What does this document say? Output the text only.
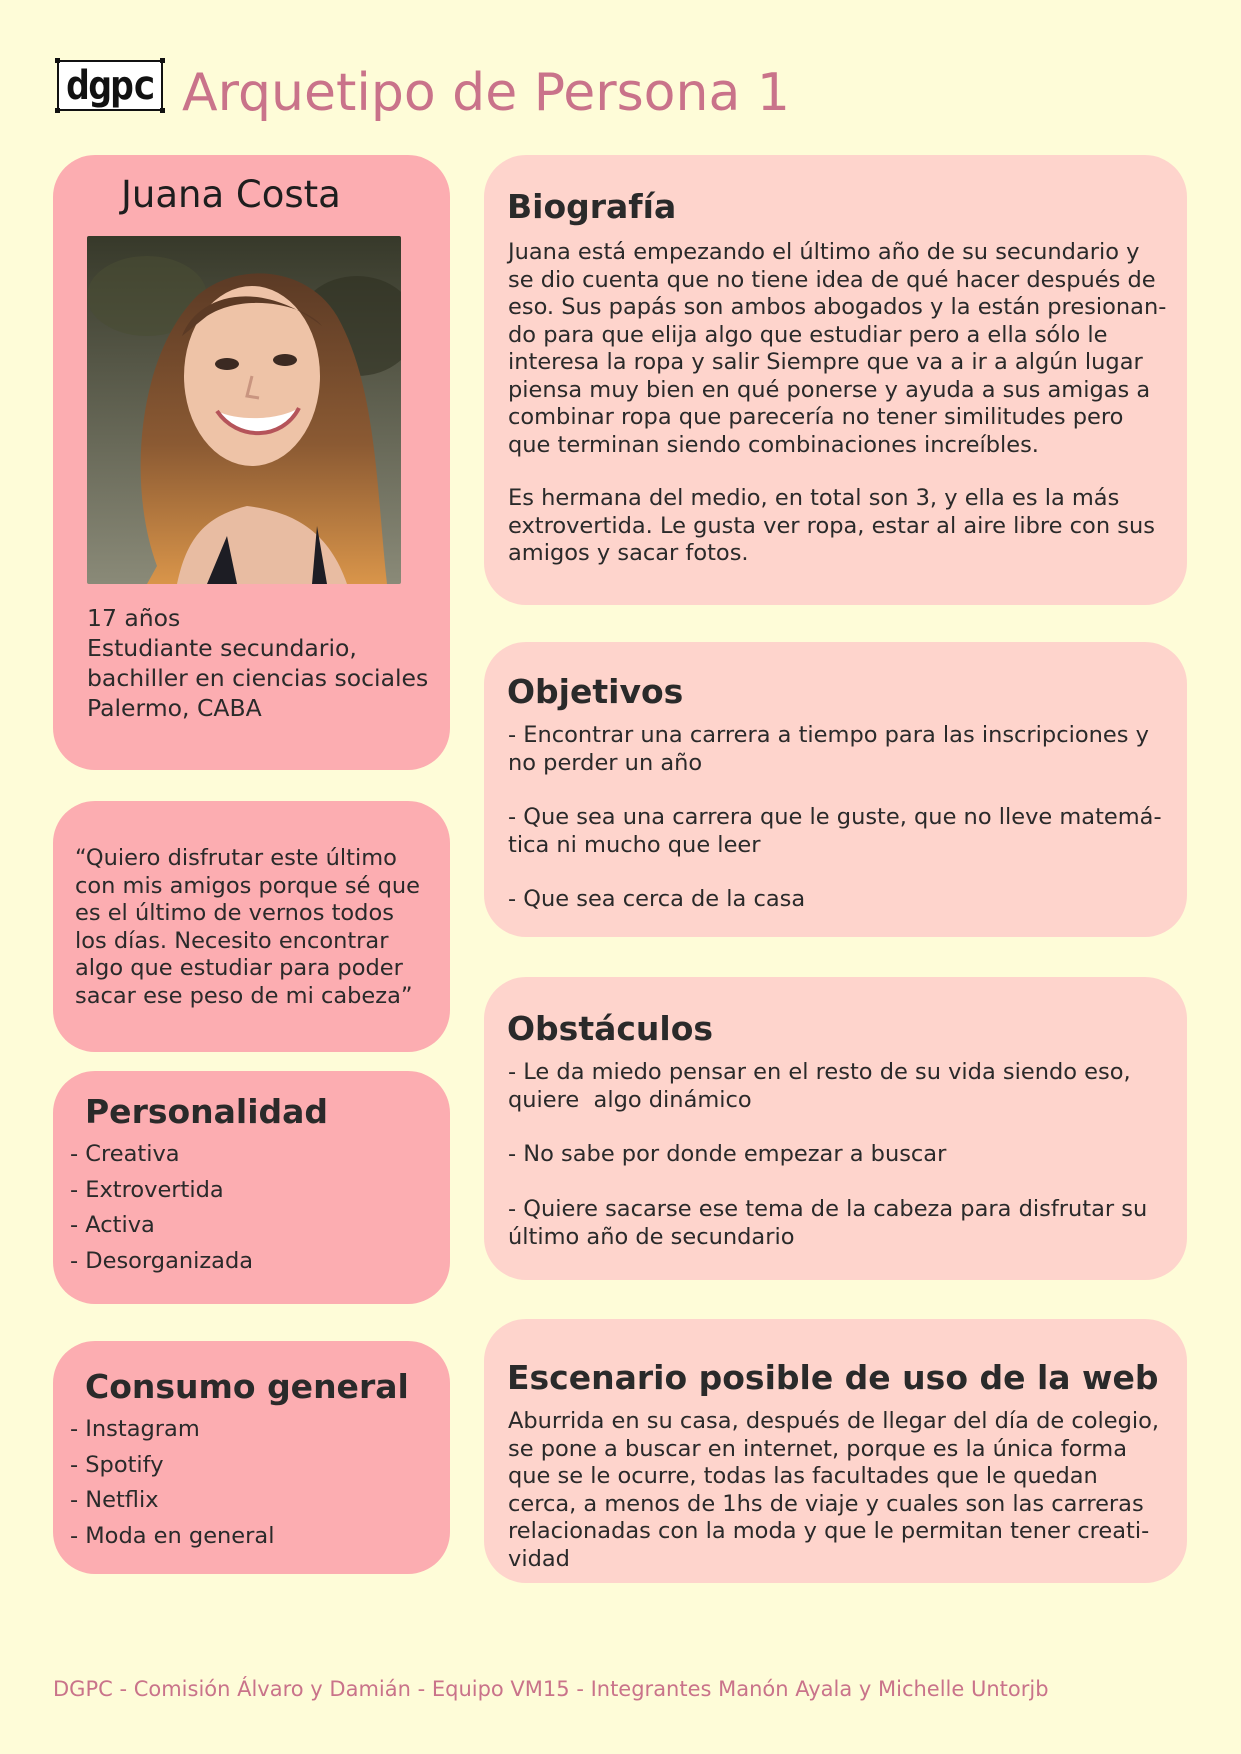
dgpc Arquetipo de Persona 1
Juana Costa
17 años
Estudiante secundario,
bachiller en ciencias sociales
Palermo, CABA

“Quiero disfrutar este último
con mis amigos porque sé que
es el último de vernos todos
los días. Necesito encontrar
algo que estudiar para poder
sacar ese peso de mi cabeza”

Personalidad
- Creativa
- Extrovertida
- Activa
- Desorganizada
Consumo general
- Instagram
- Spotify
- Netflix
- Moda en general
Biografía

Juana está empezando el último año de su secundario y
se dio cuenta que no tiene idea de qué hacer después de
eso. Sus papás son ambos abogados y la están presionan-
do para que elija algo que estudiar pero a ella sólo le
interesa la ropa y salir Siempre que va a ir a algún lugar
piensa muy bien en qué ponerse y ayuda a sus amigas a
combinar ropa que parecería no tener similitudes pero
que terminan siendo combinaciones increíbles.

Es hermana del medio, en total son 3, y ella es la más
extrovertida. Le gusta ver ropa, estar al aire libre con sus
amigos y sacar fotos.

Objetivos

- Encontrar una carrera a tiempo para las inscripciones y
no perder un año

- Que sea una carrera que le guste, que no lleve matemá-
tica ni mucho que leer

- Que sea cerca de la casa

Obstáculos

- Le da miedo pensar en el resto de su vida siendo eso,
quiere  algo dinámico

- No sabe por donde empezar a buscar

- Quiere sacarse ese tema de la cabeza para disfrutar su
último año de secundario

Escenario posible de uso de la web

Aburrida en su casa, después de llegar del día de colegio,
se pone a buscar en internet, porque es la única forma
que se le ocurre, todas las facultades que le quedan
cerca, a menos de 1hs de viaje y cuales son las carreras
relacionadas con la moda y que le permitan tener creati-
vidad

DGPC - Comisión Álvaro y Damián - Equipo VM15 - Integrantes Manón Ayala y Michelle Untorjb
